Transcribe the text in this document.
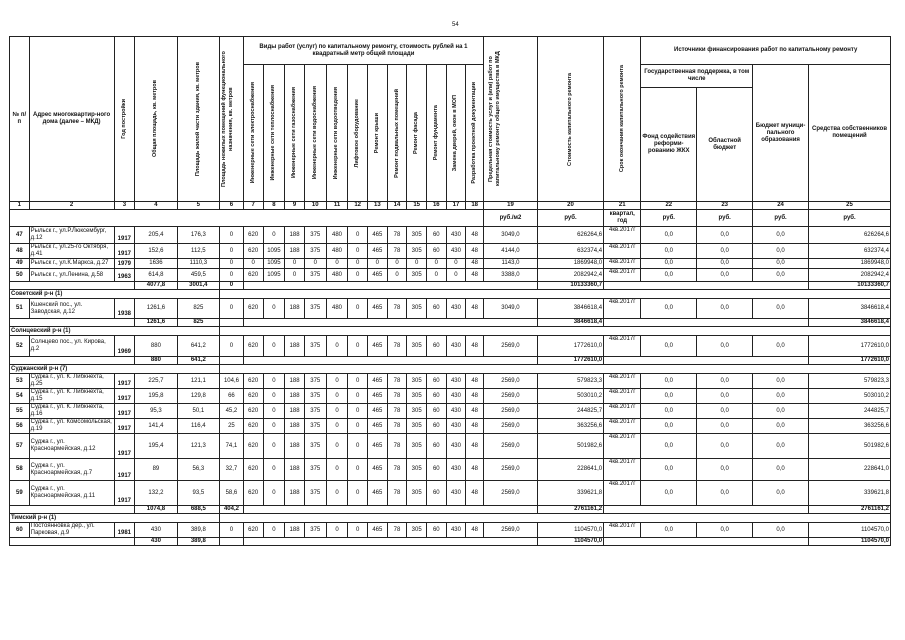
54
№ п/п	Адрес многоквартир-ного дома (далее – МКД)	Год постройки	Общая площадь, кв. метров	Площадь жилой части здания, кв. метров	Площадь нежилых помещений функционального назначения, кв. метров	Виды работ (услуг) по капитальному ремонту, стоимость рублей на 1 квадратный метр общей площади												Предельная стоимость услуг и (или) работ по капитальному ремонту общего имущества в МКД	Стоимость капитального ремонта	Срок окончания капитального ремонта	Источники финансирования работ по капитальному ремонту			

						Инженерные сети электроснабжения	Инженерные сети теплоснабжения	Инженерные сети газоснабжения	Инженерные сети водоснабжения	Инженерные сети водоотведения	Лифтовое оборудование	Ремонт крыши	Ремонт подвальных помещений	Ремонт фасада	Ремонт фундамента	Замена дверей, окон в МОП	Разработка проектной документации				Государственная поддержка, в том числе		Бюджет муници-пального образования	Средства собственников помещений
																					Фонд содействия реформи-рованию ЖКХ	Областной бюджет		
1	2	3	4	5	6	7	8	9	10	11	12	13	14	15	16	17	18	19	20	21	22	23	24	25
																		руб./м2	руб.	квартал, год	руб.	руб.	руб.	руб.
47	Рыльск г., ул.Р.Люксембург, д.12	1917	205,4	176,3	0	620	0	188	375	480	0	465	78	305	60	430	48	3049,0	626264,6	4кв.2017г	0,0	0,0	0,0	626264,6
48	Рыльск г., ул.25-го Октября, д.41	1917	152,6	112,5	0	620	1095	188	375	480	0	465	78	305	60	430	48	4144,0	632374,4	4кв.2017г	0,0	0,0	0,0	632374,4
49	Рыльск г., ул.К.Маркса, д.27	1979	1636	1110,3	0	0	1095	0	0	0	0	0	0	0	0	0	48	1143,0	1869948,0	4кв.2017г	0,0	0,0	0,0	1869948,0
50	Рыльск г., ул.Ленина, д.58	1963	614,8	459,5	0	620	1095	0	375	480	0	465	0	305	0	0	48	3388,0	2082942,4	4кв.2017г	0,0	0,0	0,0	2082942,4
			4077,8	3001,4	0														10133360,7					10133360,7
Советский р-н (1)																								
51	Кшенский пос., ул. Заводская, д.12	1938	1261,6	825	0	620	0	188	375	480	0	465	78	305	60	430	48	3049,0	3846618,4	4кв.2017г	0,0	0,0	0,0	3846618,4
			1261,6	825															3846618,4					3846618,4
Солнцевский р-н (1)																								
52	Солнцево пос., ул. Кирова, д.2	1969	880	641,2	0	620	0	188	375	0	0	465	78	305	60	430	48	2569,0	1772610,0	4кв.2017г	0,0	0,0	0,0	1772610,0
			880	641,2															1772610,0					1772610,0
Суджанский р-н (7)																								
53	Суджа г., ул. К. Либкнехта, д.25	1917	225,7	121,1	104,6	620	0	188	375	0	0	465	78	305	60	430	48	2569,0	579823,3	4кв.2017г	0,0	0,0	0,0	579823,3
54	Суджа г., ул. К. Либкнехта, д.15	1917	195,8	129,8	66	620	0	188	375	0	0	465	78	305	60	430	48	2569,0	503010,2	4кв.2017г	0,0	0,0	0,0	503010,2
55	Суджа г., ул. К. Либкнехта, д.16	1917	95,3	50,1	45,2	620	0	188	375	0	0	465	78	305	60	430	48	2569,0	244825,7	4кв.2017г	0,0	0,0	0,0	244825,7
56	Суджа г., ул. Комсомольская, д.19	1917	141,4	116,4	25	620	0	188	375	0	0	465	78	305	60	430	48	2569,0	363256,6	4кв.2017г	0,0	0,0	0,0	363256,6
57	Суджа г., ул. Красноармейская, д.12	1917	195,4	121,3	74,1	620	0	188	375	0	0	465	78	305	60	430	48	2569,0	501982,6	4кв.2017г	0,0	0,0	0,0	501982,6
58	Суджа г., ул. Красноармейская, д.7	1917	89	56,3	32,7	620	0	188	375	0	0	465	78	305	60	430	48	2569,0	228641,0	4кв.2017г	0,0	0,0	0,0	228641,0
59	Суджа г., ул. Красноармейская, д.11	1917	132,2	93,5	58,6	620	0	188	375	0	0	465	78	305	60	430	48	2569,0	339621,8	4кв.2017г	0,0	0,0	0,0	339621,8
			1074,8	688,5	404,2														2761161,2					2761161,2
Тимский р-н (1)																								
60	Постоянновка дер., ул. Парковая, д.9	1981	430	389,8	0	620	0	188	375	0	0	465	78	305	60	430	48	2569,0	1104570,0	4кв.2017г	0,0	0,0	0,0	1104570,0
			430	389,8															1104570,0					1104570,0
